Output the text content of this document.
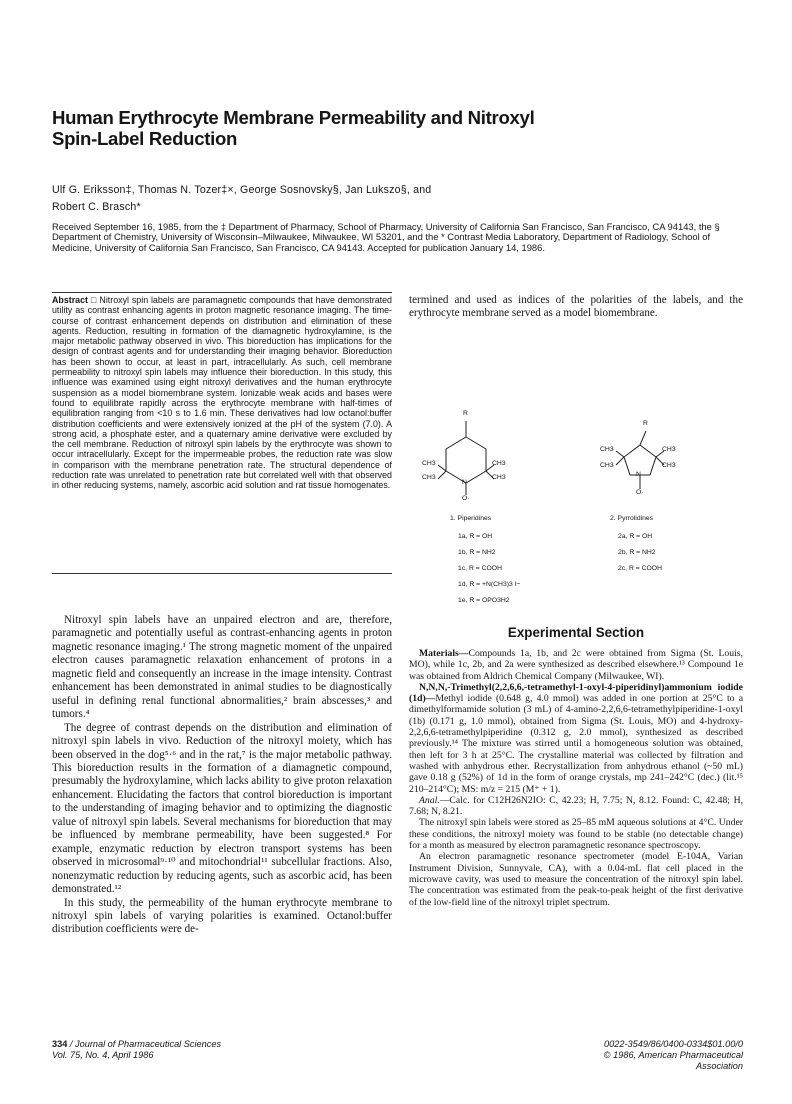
Human Erythrocyte Membrane Permeability and Nitroxyl
Spin-Label Reduction
Ulf G. Eriksson‡, Thomas N. Tozer‡×, George Sosnovsky§, Jan Lukszo§, and
Robert C. Brasch*
Received September 16, 1985, from the ‡ Department of Pharmacy, School of Pharmacy, University of California San Francisco, San Francisco, CA 94143, the § Department of Chemistry, University of Wisconsin–Milwaukee, Milwaukee, WI 53201, and the * Contrast Media Laboratory, Department of Radiology, School of Medicine, University of California San Francisco, San Francisco, CA 94143. Accepted for publication January 14, 1986.

Abstract □ Nitroxyl spin labels are paramagnetic compounds that have demonstrated utility as contrast enhancing agents in proton magnetic resonance imaging. The time-course of contrast enhancement depends on distribution and elimination of these agents. Reduction, resulting in formation of the diamagnetic hydroxylamine, is the major metabolic pathway observed in vivo. This bioreduction has implications for the design of contrast agents and for understanding their imaging behavior. Bioreduction has been shown to occur, at least in part, intracellularly. As such, cell membrane permeability to nitroxyl spin labels may influence their bioreduction. In this study, this influence was examined using eight nitroxyl derivatives and the human erythrocyte suspension as a model biomembrane system. Ionizable weak acids and bases were found to equilibrate rapidly across the erythrocyte membrane with half-times of equilibration ranging from <10 s to 1.6 min. These derivatives had low octanol:buffer distribution coefficients and were extensively ionized at the pH of the system (7.0). A strong acid, a phosphate ester, and a quaternary amine derivative were excluded by the cell membrane. Reduction of nitroxyl spin labels by the erythrocyte was shown to occur intracellularly. Except for the impermeable probes, the reduction rate was slow in comparison with the membrane penetration rate. The structural dependence of reduction rate was unrelated to penetration rate but correlated well with that observed in other reducing systems, namely, ascorbic acid solution and rat tissue homogenates.

termined and used as indices of the polarities of the labels, and the erythrocyte membrane served as a model biomembrane.

R
CH3
CH3
CH3
CH3
N
O·
R
CH3
CH3
CH3
CH3
N
O·
1. Piperidines
1a, R = OH
1b, R = NH2
1c, R = COOH
1d, R = +N(CH3)3 I−
1e, R = OPO3H2
2. Pyrrolidines
2a, R = OH
2b, R = NH2
2c, R = COOH

Nitroxyl spin labels have an unpaired electron and are, therefore, paramagnetic and potentially useful as contrast-enhancing agents in proton magnetic resonance imaging.¹ The strong magnetic moment of the unpaired electron causes paramagnetic relaxation enhancement of protons in a magnetic field and consequently an increase in the image intensity. Contrast enhancement has been demonstrated in animal studies to be diagnostically useful in defining renal functional abnormalities,² brain abscesses,³ and tumors.⁴

The degree of contrast depends on the distribution and elimination of nitroxyl spin labels in vivo. Reduction of the nitroxyl moiety, which has been observed in the dog⁵·⁶ and in the rat,⁷ is the major metabolic pathway. This bioreduction results in the formation of a diamagnetic compound, presumably the hydroxylamine, which lacks ability to give proton relaxation enhancement. Elucidating the factors that control bioreduction is important to the understanding of imaging behavior and to optimizing the diagnostic value of nitroxyl spin labels. Several mechanisms for bioreduction that may be influenced by membrane permeability, have been suggested.⁸ For example, enzymatic reduction by electron transport systems has been observed in microsomal⁹·¹⁰ and mitochondrial¹¹ subcellular fractions. Also, nonenzymatic reduction by reducing agents, such as ascorbic acid, has been demonstrated.¹²

In this study, the permeability of the human erythrocyte membrane to nitroxyl spin labels of varying polarities is examined. Octanol:buffer distribution coefficients were de-

Experimental Section

Materials—Compounds 1a, 1b, and 2c were obtained from Sigma (St. Louis, MO), while 1c, 2b, and 2a were synthesized as described elsewhere.¹³ Compound 1e was obtained from Aldrich Chemical Company (Milwaukee, WI).

N,N,N,-Trimethyl(2,2,6,6,-tetramethyl-1-oxyl-4-piperidinyl)ammonium iodide (1d)—Methyl iodide (0.648 g, 4.0 mmol) was added in one portion at 25°C to a dimethylformamide solution (3 mL) of 4-amino-2,2,6,6-tetramethylpiperidine-1-oxyl (1b) (0.171 g, 1.0 mmol), obtained from Sigma (St. Louis, MO) and 4-hydroxy-2,2,6,6-tetramethylpiperidine (0.312 g, 2.0 mmol), synthesized as described previously.¹⁴ The mixture was stirred until a homogeneous solution was obtained, then left for 3 h at 25°C. The crystalline material was collected by filtration and washed with anhydrous ether. Recrystallization from anhydrous ethanol (~50 mL) gave 0.18 g (52%) of 1d in the form of orange crystals, mp 241–242°C (dec.) (lit.¹⁵ 210–214°C); MS: m/z = 215 (M⁺ + 1).

Anal.—Calc. for C12H26N2IO: C, 42.23; H, 7.75; N, 8.12. Found: C, 42.48; H, 7.68; N, 8.21.

The nitroxyl spin labels were stored as 25–85 mM aqueous solutions at 4°C. Under these conditions, the nitroxyl moiety was found to be stable (no detectable change) for a month as measured by electron paramagnetic resonance spectroscopy.

An electron paramagnetic resonance spectrometer (model E-104A, Varian Instrument Division, Sunnyvale, CA), with a 0.04-mL flat cell placed in the microwave cavity, was used to measure the concentration of the nitroxyl spin label. The concentration was estimated from the peak-to-peak height of the first derivative of the low-field line of the nitroxyl triplet spectrum.

334 / Journal of Pharmaceutical Sciences
Vol. 75, No. 4, April 1986
0022-3549/86/0400-0334$01.00/0
© 1986, American Pharmaceutical Association
